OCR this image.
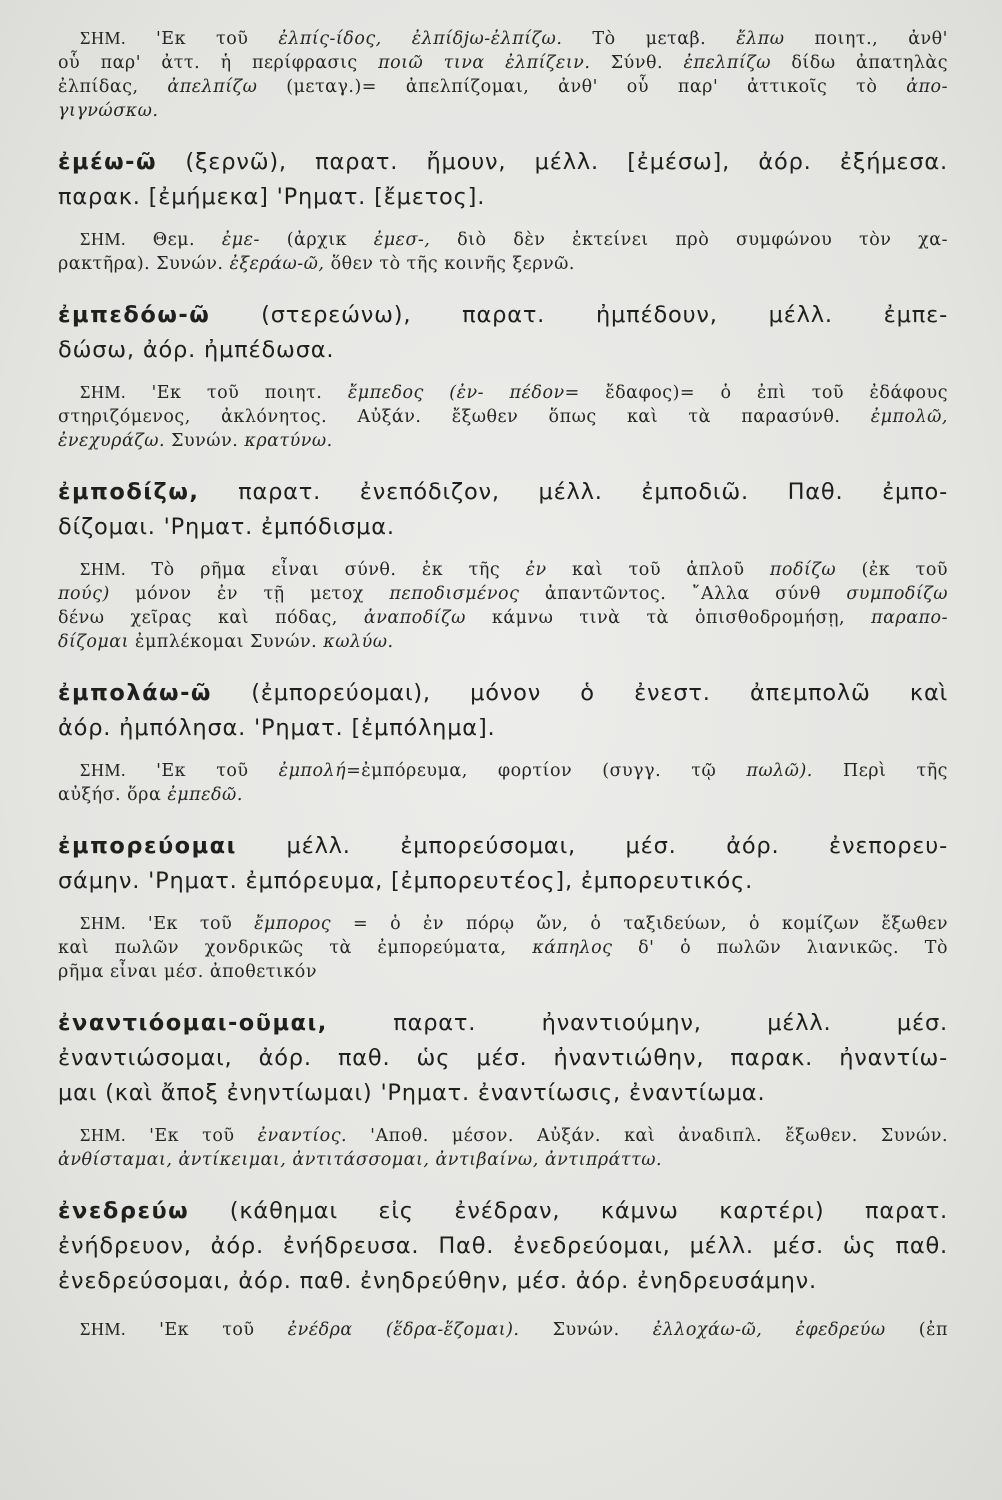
ΣΗΜ. 'Εκ τοῦ ἐλπίς-ίδος, ἐλπίδjω-ἐλπίζω. Τὸ μεταβ. ἔλπω ποιητ., ἀνθ'
οὗ παρ' ἀττ. ἡ περίφρασις ποιῶ τινα ἐλπίζειν. Σύνθ. ἐπελπίζω δίδω ἀπατηλὰς
ἐλπίδας, ἀπελπίζω (μεταγ.)= ἀπελπίζομαι, ἀνθ' οὗ παρ' ἀττικοῖς τὸ ἀπο-
γιγνώσκω.
ἐμέω-ῶ (ξερνῶ), παρατ. ἤμουν, μέλλ. [ἐμέσω], ἀόρ. ἐξήμεσα.
παρακ. [ἐμήμεκα] 'Ρηματ. [ἔμετος].
ΣΗΜ. Θεμ. ἐμε- (ἀρχικ ἐμεσ-, διὸ δὲν ἐκτείνει πρὸ συμφώνου τὸν χα-
ρακτῆρα). Συνών. ἐξεράω-ῶ, ὅθεν τὸ τῆς κοινῆς ξερνῶ.
ἐμπεδόω-ῶ (στερεώνω), παρατ. ἠμπέδουν, μέλλ. ἐμπε-
δώσω, ἀόρ. ἠμπέδωσα.
ΣΗΜ. 'Εκ τοῦ ποιητ. ἔμπεδος (ἐν- πέδον= ἔδαφος)= ὁ ἐπὶ τοῦ ἐδάφους
στηριζόμενος, ἀκλόνητος. Αὐξάν. ἔξωθεν ὅπως καὶ τὰ παρασύνθ. ἐμπολῶ,
ἐνεχυράζω. Συνών. κρατύνω.
ἐμποδίζω, παρατ. ἐνεπόδιζον, μέλλ. ἐμποδιῶ. Παθ. ἐμπο-
δίζομαι. 'Ρηματ. ἐμπόδισμα.
ΣΗΜ. Τὸ ρῆμα εἶναι σύνθ. ἐκ τῆς ἐν καὶ τοῦ ἁπλοῦ ποδίζω (ἐκ τοῦ
πούς) μόνον ἐν τῇ μετοχ πεποδισμένος ἀπαντῶντος. ῎Αλλα σύνθ συμποδίζω
δένω χεῖρας καὶ πόδας, ἀναποδίζω κάμνω τινὰ τὰ ὀπισθοδρομήσῃ, παραπο-
δίζομαι ἐμπλέκομαι Συνών. κωλύω.
ἐμπολάω-ῶ (ἐμπορεύομαι), μόνον ὁ ἐνεστ. ἀπεμπολῶ καὶ
ἀόρ. ἠμπόλησα. 'Ρηματ. [ἐμπόλημα].
ΣΗΜ. 'Εκ τοῦ ἐμπολή=ἐμπόρευμα, φορτίον (συγγ. τῷ πωλῶ). Περὶ τῆς
αὐξήσ. ὅρα ἐμπεδῶ.
ἐμπορεύομαι μέλλ. ἐμπορεύσομαι, μέσ. ἀόρ. ἐνεπορευ-
σάμην. 'Ρηματ. ἐμπόρευμα, [ἐμπορευτέος], ἐμπορευτικός.
ΣΗΜ. 'Εκ τοῦ ἔμπορος = ὁ ἐν πόρῳ ὤν, ὁ ταξιδεύων, ὁ κομίζων ἔξωθεν
καὶ πωλῶν χονδρικῶς τὰ ἐμπορεύματα, κάπηλος δ' ὁ πωλῶν λιανικῶς. Τὸ
ρῆμα εἶναι μέσ. ἀποθετικόν
ἐναντιόομαι-οῦμαι, παρατ. ἠναντιούμην, μέλλ. μέσ.
ἐναντιώσομαι, ἀόρ. παθ. ὡς μέσ. ἠναντιώθην, παρακ. ἠναντίω-
μαι (καὶ ἄποξ ἐνηντίωμαι) 'Ρηματ. ἐναντίωσις, ἐναντίωμα.
ΣΗΜ. 'Εκ τοῦ ἐναντίος. 'Αποθ. μέσον. Αὐξάν. καὶ ἀναδιπλ. ἔξωθεν. Συνών.
ἀνθίσταμαι, ἀντίκειμαι, ἀντιτάσσομαι, ἀντιβαίνω, ἀντιπράττω.
ἐνεδρεύω (κάθημαι εἰς ἐνέδραν, κάμνω καρτέρι) παρατ.
ἐνήδρευον, ἀόρ. ἐνήδρευσα. Παθ. ἐνεδρεύομαι, μέλλ. μέσ. ὡς παθ.
ἐνεδρεύσομαι, ἀόρ. παθ. ἐνηδρεύθην, μέσ. ἀόρ. ἐνηδρευσάμην.
ΣΗΜ. 'Εκ τοῦ ἐνέδρα (ἕδρα-ἕζομαι). Συνών. ἐλλοχάω-ῶ, ἐφεδρεύω (ἐπ
